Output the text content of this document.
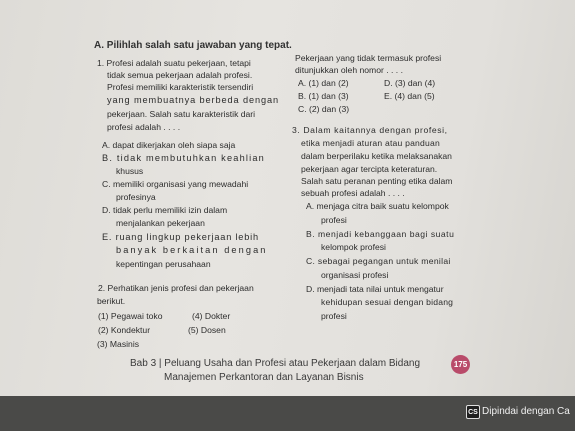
A. Pilihlah salah satu jawaban yang tepat.
1. Profesi adalah suatu pekerjaan, tetapi
tidak semua pekerjaan adalah profesi.
Profesi memiliki karakteristik tersendiri
yang membuatnya berbeda dengan
pekerjaan. Salah satu karakteristik dari
profesi adalah . . . .
A. dapat dikerjakan oleh siapa saja
B. tidak membutuhkan keahlian
khusus
C. memiliki organisasi yang mewadahi
profesinya
D. tidak perlu memiliki izin dalam
menjalankan pekerjaan
E. ruang lingkup pekerjaan lebih
banyak berkaitan dengan
kepentingan perusahaan
2. Perhatikan jenis profesi dan pekerjaan
berikut.
(1) Pegawai toko	(4) Dokter
(2) Kondektur	(5) Dosen
(3) Masinis
Pekerjaan yang tidak termasuk profesi
ditunjukkan oleh nomor . . . .
A. (1) dan (2)	D. (3) dan (4)
B. (1) dan (3)	E. (4) dan (5)
C. (2) dan (3)
3. Dalam kaitannya dengan profesi,
etika menjadi aturan atau panduan
dalam berperilaku ketika melaksanakan
pekerjaan agar tercipta keteraturan.
Salah satu peranan penting etika dalam
sebuah profesi adalah . . . .
A. menjaga citra baik suatu kelompok
profesi
B. menjadi kebanggaan bagi suatu
kelompok profesi
C. sebagai pegangan untuk menilai
organisasi profesi
D. menjadi tata nilai untuk mengatur
kehidupan sesuai dengan bidang
profesi
Bab 3 | Peluang Usaha dan Profesi atau Pekerjaan dalam Bidang
Manajemen Perkantoran dan Layanan Bisnis
175
CS Dipindai dengan Ca
